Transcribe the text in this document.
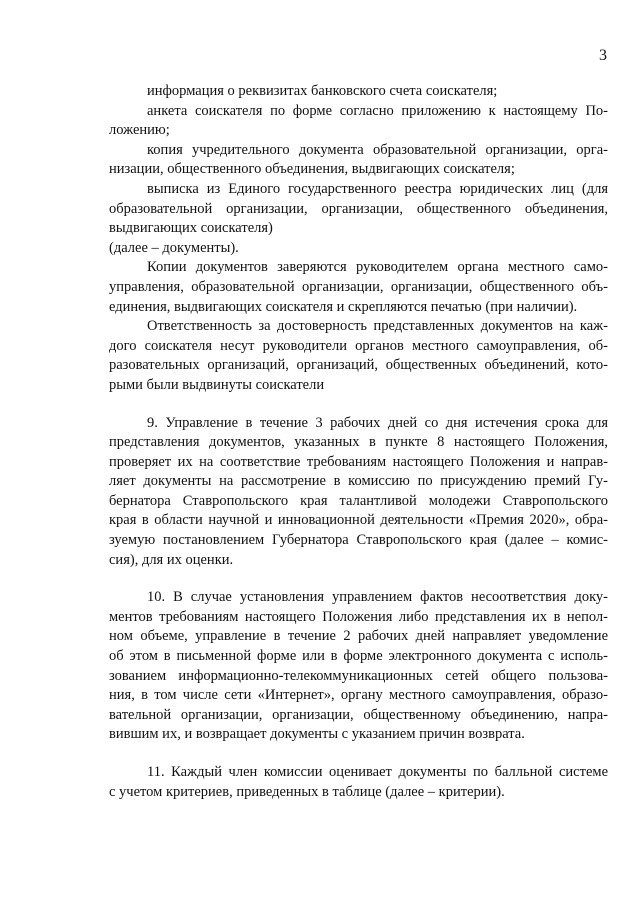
3
информация о реквизитах банковского счета соискателя;
анкета соискателя по форме согласно приложению к настоящему По-
ложению;
копия учредительного документа образовательной организации, орга-
низации, общественного объединения, выдвигающих соискателя;
выписка из Единого государственного реестра юридических лиц (для
образовательной организации, организации, общественного объединения,
выдвигающих соискателя)
(далее – документы).
Копии документов заверяются руководителем органа местного само-
управления, образовательной организации, организации, общественного объ-
единения, выдвигающих соискателя и скрепляются печатью (при наличии).
Ответственность за достоверность представленных документов на каж-
дого соискателя несут руководители органов местного самоуправления, об-
разовательных организаций, организаций, общественных объединений, кото-
рыми были выдвинуты соискатели
9. Управление в течение 3 рабочих дней со дня истечения срока для
представления документов, указанных в пункте 8 настоящего Положения,
проверяет их на соответствие требованиям настоящего Положения и направ-
ляет документы на рассмотрение в комиссию по присуждению премий Гу-
бернатора Ставропольского края талантливой молодежи Ставропольского
края в области научной и инновационной деятельности «Премия 2020», обра-
зуемую постановлением Губернатора Ставропольского края (далее – комис-
сия), для их оценки.
10. В случае установления управлением фактов несоответствия доку-
ментов требованиям настоящего Положения либо представления их в непол-
ном объеме, управление в течение 2 рабочих дней направляет уведомление
об этом в письменной форме или в форме электронного документа с исполь-
зованием информационно-телекоммуникационных сетей общего пользова-
ния, в том числе сети «Интернет», органу местного самоуправления, образо-
вательной организации, организации, общественному объединению, напра-
вившим их, и возвращает документы с указанием причин возврата.
11. Каждый член комиссии оценивает документы по балльной системе
с учетом критериев, приведенных в таблице (далее – критерии).
